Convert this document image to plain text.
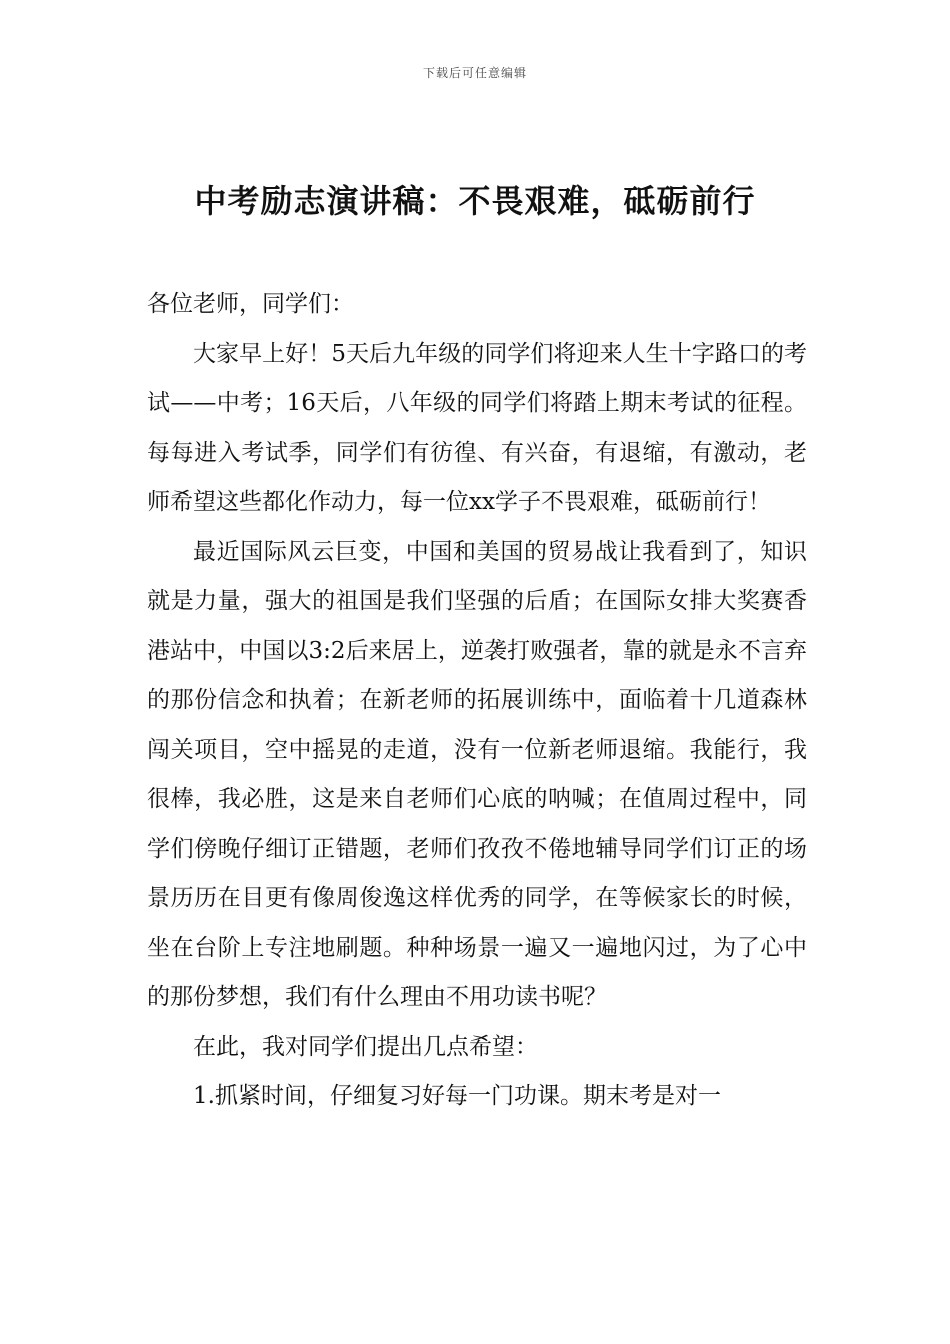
下载后可任意编辑
中考励志演讲稿：不畏艰难，砥砺前行

各位老师，同学们：

大家早上好！5天后九年级的同学们将迎来人生十字路口的考试——中考；16天后，八年级的同学们将踏上期末考试的征程。每每进入考试季，同学们有彷徨、有兴奋，有退缩，有激动，老师希望这些都化作动力，每一位xx学子不畏艰难，砥砺前行！

最近国际风云巨变，中国和美国的贸易战让我看到了，知识就是力量，强大的祖国是我们坚强的后盾；在国际女排大奖赛香港站中，中国以3:2后来居上，逆袭打败强者，靠的就是永不言弃的那份信念和执着；在新老师的拓展训练中，面临着十几道森林闯关项目，空中摇晃的走道，没有一位新老师退缩。我能行，我很棒，我必胜，这是来自老师们心底的呐喊；在值周过程中，同学们傍晚仔细订正错题，老师们孜孜不倦地辅导同学们订正的场景历历在目更有像周俊逸这样优秀的同学，在等候家长的时候，坐在台阶上专注地刷题。种种场景一遍又一遍地闪过，为了心中的那份梦想，我们有什么理由不用功读书呢？

在此，我对同学们提出几点希望：

1.抓紧时间，仔细复习好每一门功课。期末考是对一
